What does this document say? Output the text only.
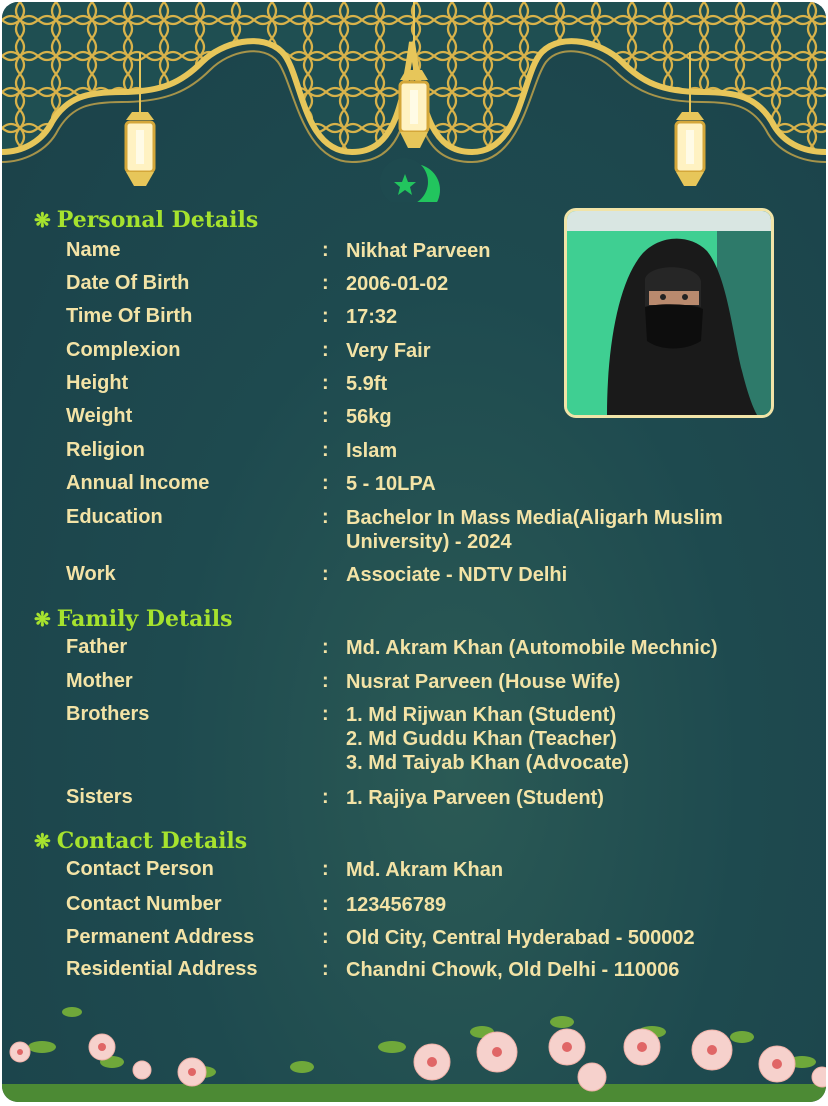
❋ Personal Details
Name	: Nikhat Parveen
Date Of Birth	: 2006-01-02
Time Of Birth	: 17:32
Complexion	: Very Fair
Height	: 5.9ft
Weight	: 56kg
Religion	: Islam
Annual Income	: 5 - 10LPA
Education	: Bachelor In Mass Media(Aligarh Muslim
University) - 2024
Work	: Associate - NDTV Delhi
❋ Family Details
Father	: Md. Akram Khan (Automobile Mechnic)
Mother	: Nusrat Parveen (House Wife)
Brothers	: 1. Md Rijwan Khan (Student)
2. Md Guddu Khan (Teacher)
3. Md Taiyab Khan (Advocate)
Sisters	: 1. Rajiya Parveen (Student)
❋ Contact Details
Contact Person	: Md. Akram Khan
Contact Number	: 123456789
Permanent Address	: Old City, Central Hyderabad - 500002
Residential Address	: Chandni Chowk, Old Delhi - 110006
